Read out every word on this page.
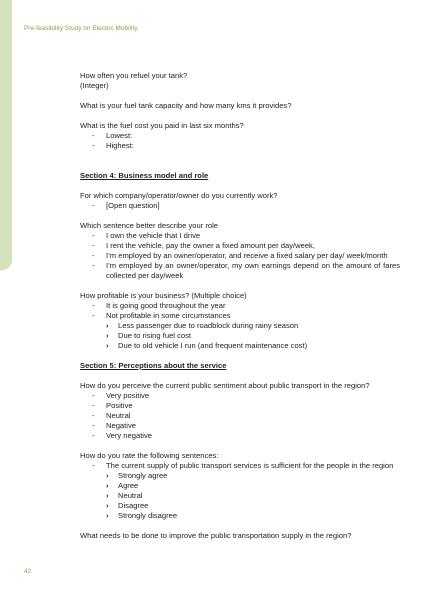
Pre-feasibility Study on Electric Mobility

How often you refuel your tank?

(Integer)

What is your fuel tank capacity and how many kms it provides?

What is the fuel cost you paid in last six months?

- Lowest:
- Highest:

Section 4: Business model and role

For which company/operator/owner do you currently work?

- [Open question]

Which sentence better describe your role

- I own the vehicle that I drive
- I rent the vehicle, pay the owner a fixed amount per day/week,
- I’m employed by an owner/operator, and receive a fixed salary per day/ week/month
- I’m employed by an owner/operator, my own earnings depend on the amount of fares collected per day/week

How profitable is your business? (Multiple choice)

- It is going good throughout the year
- Not profitable in some circumstances
› Less passenger due to roadblock during rainy season
› Due to rising fuel cost
› Due to old vehicle I run (and frequent maintenance cost)

Section 5: Perceptions about the service

How do you perceive the current public sentiment about public transport in the region?

- Very positive
- Positive
- Neutral
- Negative
- Very negative

How do you rate the following sentences:

- The current supply of public transport services is sufficient for the people in the region
› Strongly agree
› Agree
› Neutral
› Disagree
› Strongly disagree

What needs to be done to improve the public transportation supply in the region?

42
